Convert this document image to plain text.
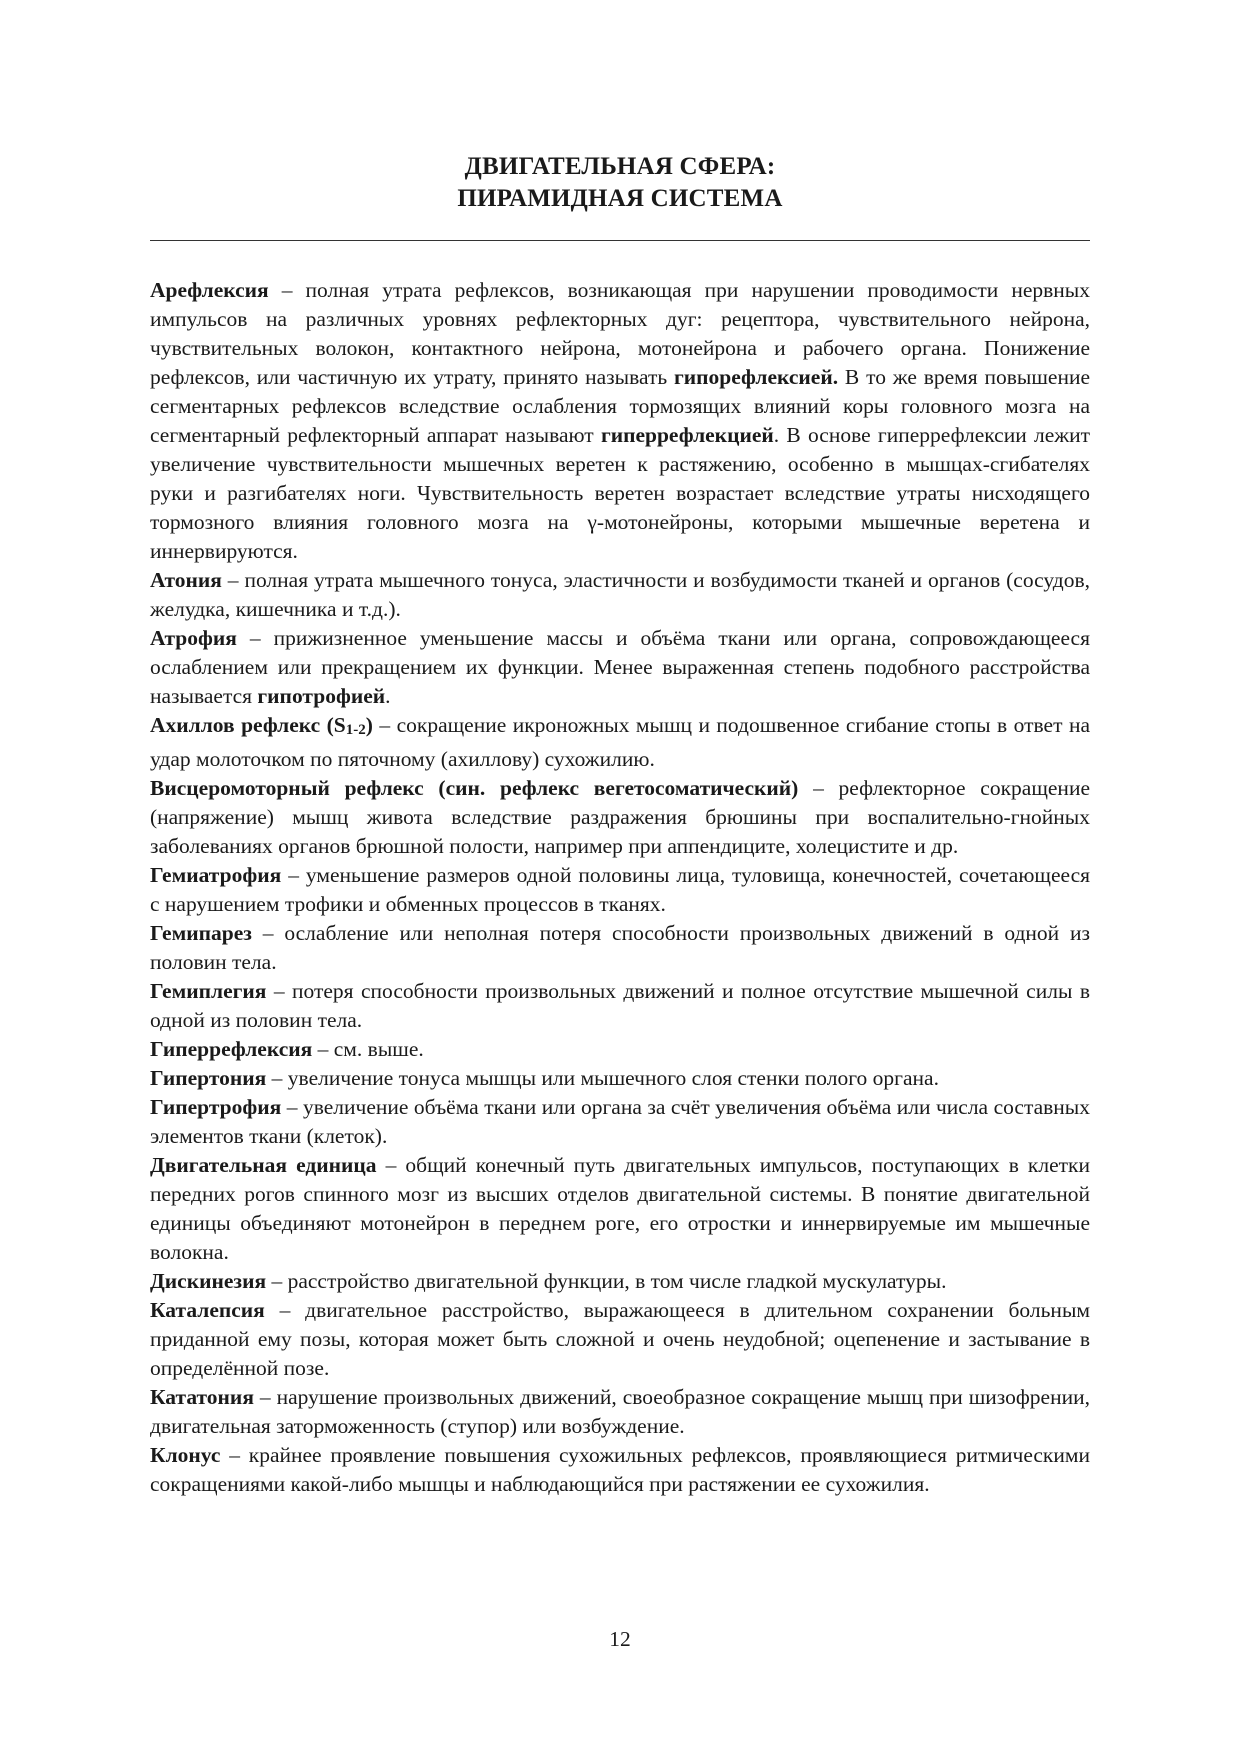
ДВИГАТЕЛЬНАЯ СФЕРА:
ПИРАМИДНАЯ СИСТЕМА

Арефлексия – полная утрата рефлексов, возникающая при нарушении проводимости нервных импульсов на различных уровнях рефлекторных дуг: рецептора, чувствительного нейрона, чувствительных волокон, контактного нейрона, мотонейрона и рабочего органа. Понижение рефлексов, или частичную их утрату, принято называть гипорефлексией. В то же время повышение сегментарных рефлексов вследствие ослабления тормозящих влияний коры головного мозга на сегментарный рефлекторный аппарат называют гиперрефлекцией. В основе гиперрефлексии лежит увеличение чувствительности мышечных веретен к растяжению, особенно в мышцах-сгибателях руки и разгибателях ноги. Чувствительность веретен возрастает вследствие утраты нисходящего тормозного влияния головного мозга на γ-мотонейроны, которыми мышечные веретена и иннервируются.

Атония – полная утрата мышечного тонуса, эластичности и возбудимости тканей и органов (сосудов, желудка, кишечника и т.д.).

Атрофия – прижизненное уменьшение массы и объёма ткани или органа, сопровождающееся ослаблением или прекращением их функции. Менее выраженная степень подобного расстройства называется гипотрофией.

Ахиллов рефлекс (S1-2) – сокращение икроножных мышц и подошвенное сгибание стопы в ответ на удар молоточком по пяточному (ахиллову) сухожилию.

Висцеромоторный рефлекс (син. рефлекс вегетосоматический) – рефлекторное сокращение (напряжение) мышц живота вследствие раздражения брюшины при воспалительно-гнойных заболеваниях органов брюшной полости, например при аппендиците, холецистите и др.

Гемиатрофия – уменьшение размеров одной половины лица, туловища, конечностей, сочетающееся с нарушением трофики и обменных процессов в тканях.

Гемипарез – ослабление или неполная потеря способности произвольных движений в одной из половин тела.

Гемиплегия – потеря способности произвольных движений и полное отсутствие мышечной силы в одной из половин тела.

Гиперрефлексия – см. выше.

Гипертония – увеличение тонуса мышцы или мышечного слоя стенки полого органа.

Гипертрофия – увеличение объёма ткани или органа за счёт увеличения объёма или числа составных элементов ткани (клеток).

Двигательная единица – общий конечный путь двигательных импульсов, поступающих в клетки передних рогов спинного мозг из высших отделов двигательной системы. В понятие двигательной единицы объединяют мотонейрон в переднем роге, его отростки и иннервируемые им мышечные волокна.

Дискинезия – расстройство двигательной функции, в том числе гладкой мускулатуры.

Каталепсия – двигательное расстройство, выражающееся в длительном сохранении больным приданной ему позы, которая может быть сложной и очень неудобной; оцепенение и застывание в определённой позе.

Кататония – нарушение произвольных движений, своеобразное сокращение мышц при шизофрении, двигательная заторможенность (ступор) или возбуждение.

Клонус – крайнее проявление повышения сухожильных рефлексов, проявляющиеся ритмическими сокращениями какой-либо мышцы и наблюдающийся при растяжении ее сухожилия.

12
